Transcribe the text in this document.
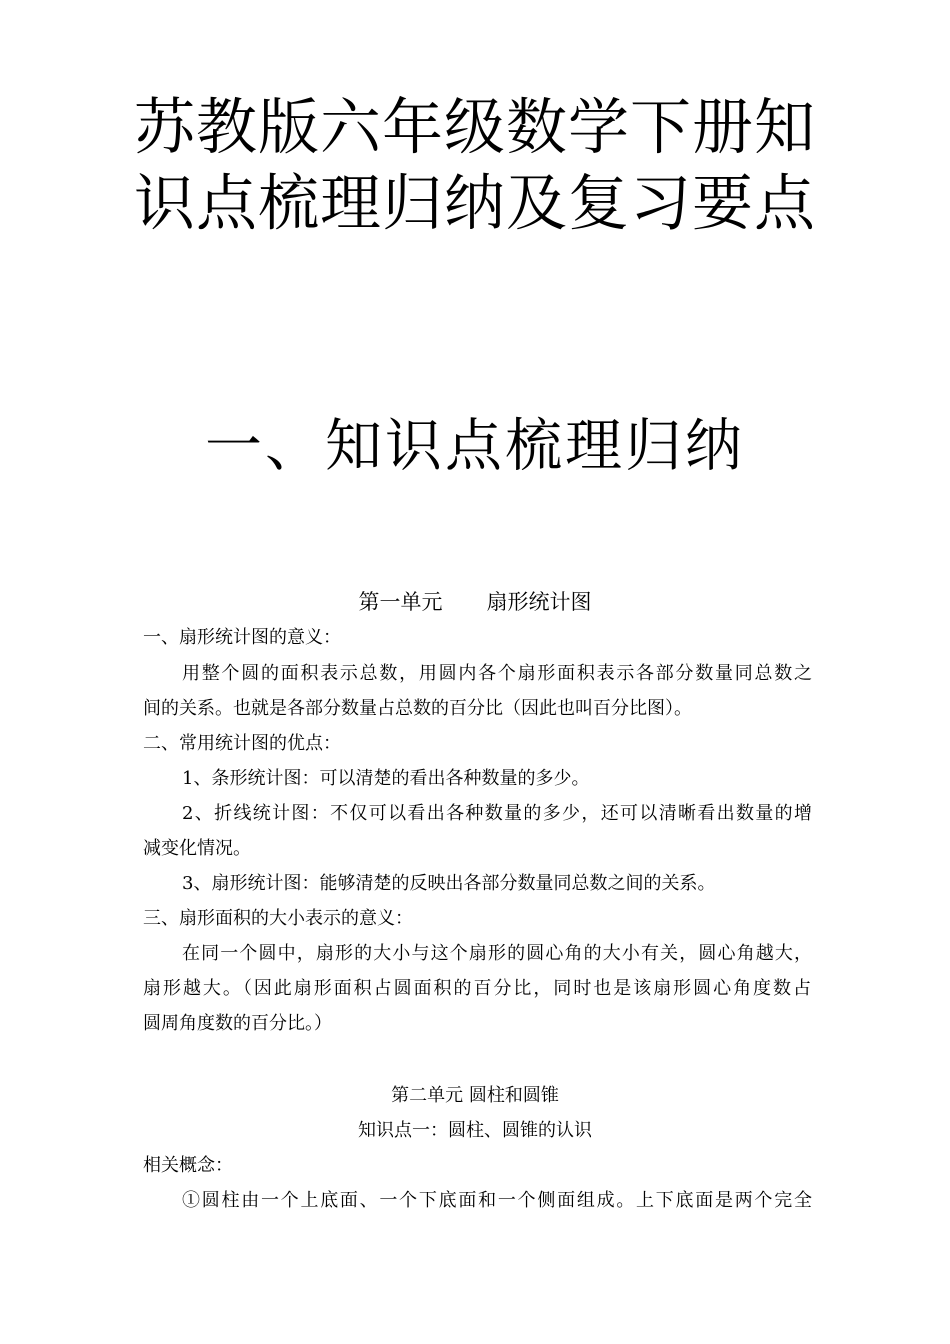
苏教版六年级数学下册知
识点梳理归纳及复习要点
一、知识点梳理归纳
第一单元 扇形统计图
一、扇形统计图的意义：
用整个圆的面积表示总数，用圆内各个扇形面积表示各部分数量同总数之
间的关系。也就是各部分数量占总数的百分比（因此也叫百分比图）。
二、常用统计图的优点：
1、条形统计图：可以清楚的看出各种数量的多少。
2、折线统计图：不仅可以看出各种数量的多少，还可以清晰看出数量的增
减变化情况。
3、扇形统计图：能够清楚的反映出各部分数量同总数之间的关系。
三、扇形面积的大小表示的意义：
在同一个圆中，扇形的大小与这个扇形的圆心角的大小有关，圆心角越大，
扇形越大。（因此扇形面积占圆面积的百分比，同时也是该扇形圆心角度数占
圆周角度数的百分比。）
第二单元 圆柱和圆锥
知识点一：圆柱、圆锥的认识
相关概念：
①圆柱由一个上底面、一个下底面和一个侧面组成。上下底面是两个完全
